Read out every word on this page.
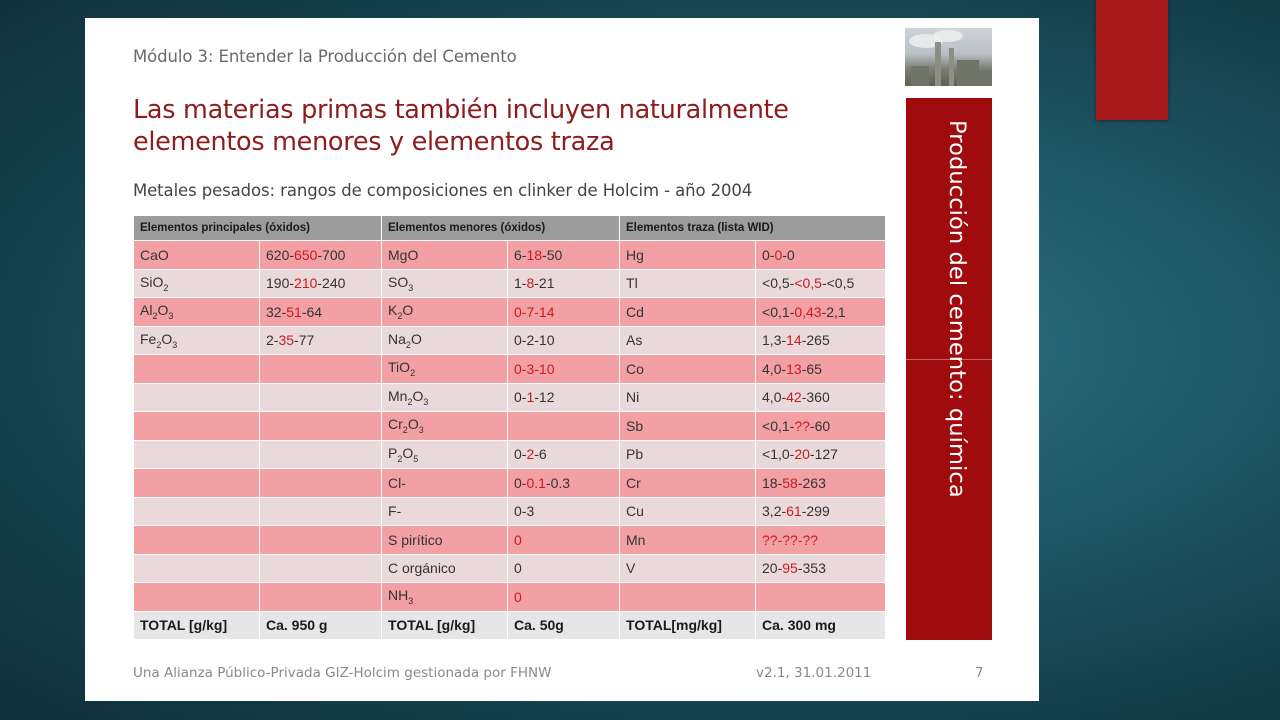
Módulo 3: Entender la Producción del Cemento
Las materias primas también incluyen naturalmente elementos menores y elementos traza
Metales pesados: rangos de composiciones en clinker de Holcim - año 2004	Producción del cemento: química
Elementos principales (óxidos)		Elementos menores (óxidos)		Elementos traza (lista WID)	
CaO	620-650-700	MgO	6-18-50	Hg	0-0-0
SiO$_2$	190-210-240	$SO_3$	1-8-21	Tl	<0,5-<0,5-<0,5
$Al_2O_3$	32-51-64	$K_2O$	0-7-14	Cd	<0,1-0,43-2,1
$Fe_2O_3$	2-35-77	$Na_2O$	0-2-10	As	1,3-14-265
		TiO$_2$	0-3-10	Co	4,0-13-65
		$Mn_2O_3$	0-1-12	Ni	4,0-42-360
		$Cr_2O_3$		Sb	<0,1-??-60
		$P_2O_5$	0-2-6	Pb	<1,0-20-127
		Cl-	0-0.1-0.3	Cr	18-58-263
		F-	0-3	Cu	3,2-61-299
		S pirítico	0	Mn	??-??-??
		C orgánico	0	V	20-95-353
		$NH_3$	0		
TOTAL [g/kg]	Ca. 950 g	TOTAL [g/kg]	Ca. 50g	TOTAL[mg/kg]	Ca. 300 mg
Una Alianza Público-Privada GIZ-Holcim gestionada por FHNW	v2.1, 31.01.2011	7
